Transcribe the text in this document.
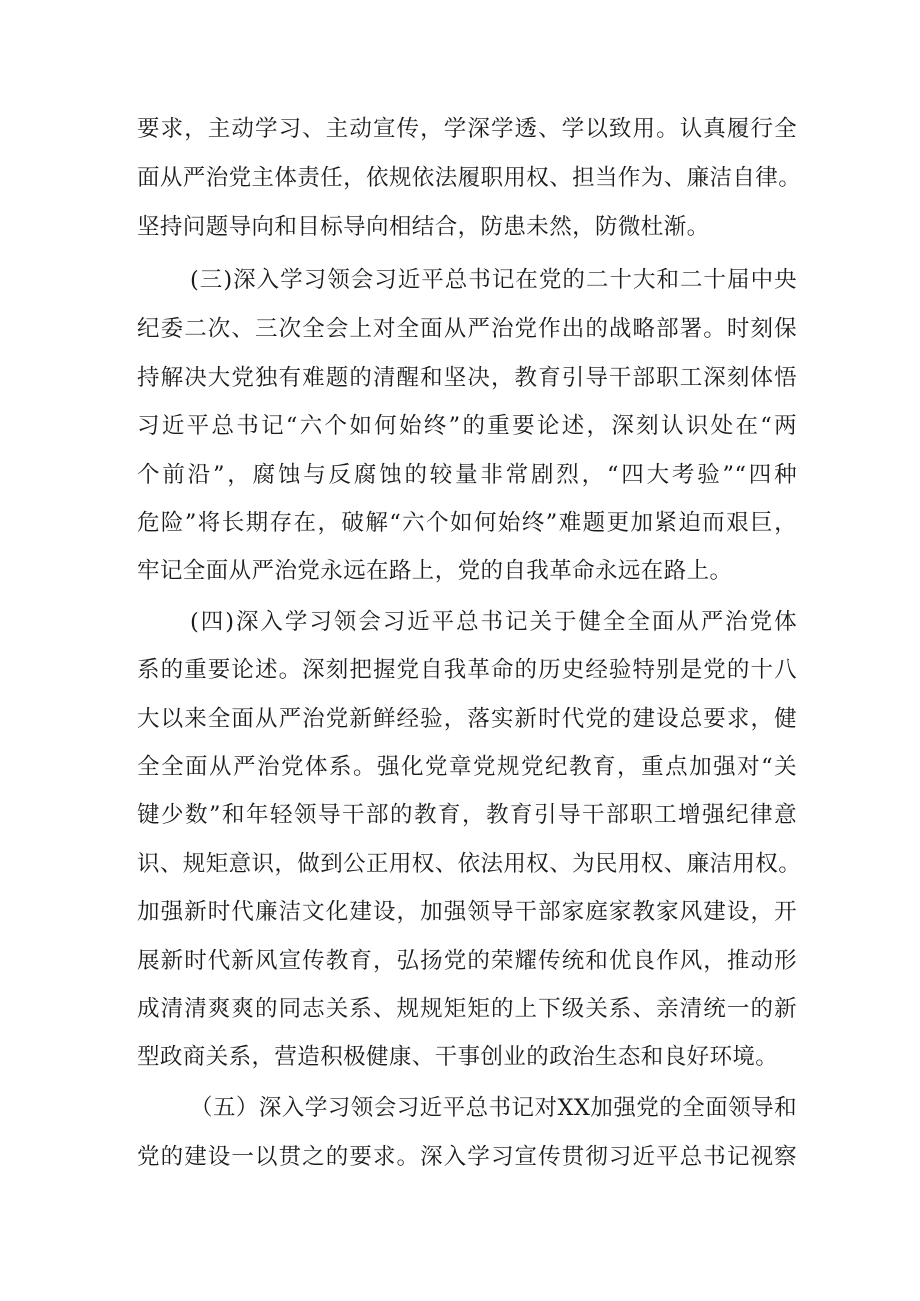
要求，主动学习、主动宣传，学深学透、学以致用。认真履行全
面从严治党主体责任，依规依法履职用权、担当作为、廉洁自律。
坚持问题导向和目标导向相结合，防患未然，防微杜渐。
(三)深入学习领会习近平总书记在党的二十大和二十届中央
纪委二次、三次全会上对全面从严治党作出的战略部署。时刻保
持解决大党独有难题的清醒和坚决，教育引导干部职工深刻体悟
习近平总书记“六个如何始终”的重要论述，深刻认识处在“两
个前沿”，腐蚀与反腐蚀的较量非常剧烈，“四大考验”“四种
危险”将长期存在，破解“六个如何始终”难题更加紧迫而艰巨，
牢记全面从严治党永远在路上，党的自我革命永远在路上。
(四)深入学习领会习近平总书记关于健全全面从严治党体
系的重要论述。深刻把握党自我革命的历史经验特别是党的十八
大以来全面从严治党新鲜经验，落实新时代党的建设总要求，健
全全面从严治党体系。强化党章党规党纪教育，重点加强对“关
键少数”和年轻领导干部的教育，教育引导干部职工增强纪律意
识、规矩意识，做到公正用权、依法用权、为民用权、廉洁用权。
加强新时代廉洁文化建设，加强领导干部家庭家教家风建设，开
展新时代新风宣传教育，弘扬党的荣耀传统和优良作风，推动形
成清清爽爽的同志关系、规规矩矩的上下级关系、亲清统一的新
型政商关系，营造积极健康、干事创业的政治生态和良好环境。
（五）深入学习领会习近平总书记对XX加强党的全面领导和
党的建设一以贯之的要求。深入学习宣传贯彻习近平总书记视察
